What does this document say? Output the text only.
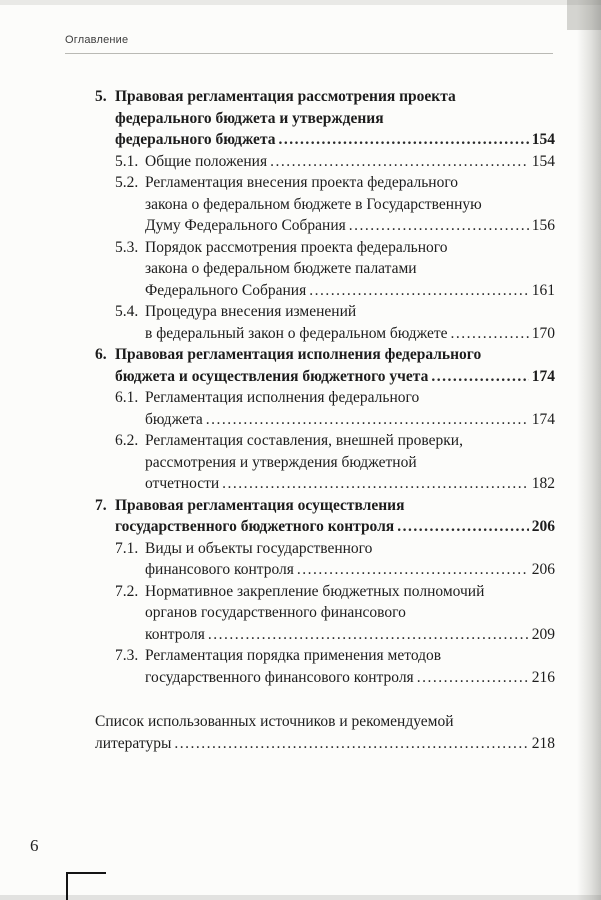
Оглавление
5. Правовая регламентация рассмотрения проекта
федерального бюджета и утверждения
федерального бюджета .....	154
5.1. Общие положения .....	154
5.2. Регламентация внесения проекта федерального
закона о федеральном бюджете в Государственную
Думу Федерального Собрания .....	156
5.3. Порядок рассмотрения проекта федерального
закона о федеральном бюджете палатами
Федерального Собрания .....	161
5.4. Процедура внесения изменений
в федеральный закон о федеральном бюджете .....	170
6. Правовая регламентация исполнения федерального
бюджета и осуществления бюджетного учета .....	174
6.1. Регламентация исполнения федерального
бюджета .....	174
6.2. Регламентация составления, внешней проверки,
рассмотрения и утверждения бюджетной
отчетности .....	182
7. Правовая регламентация осуществления
государственного бюджетного контроля .....	206
7.1. Виды и объекты государственного
финансового контроля .....	206
7.2. Нормативное закрепление бюджетных полномочий
органов государственного финансового
контроля .....	209
7.3. Регламентация порядка применения методов
государственного финансового контроля .....	216
Список использованных источников и рекомендуемой
литературы .....	218
6
